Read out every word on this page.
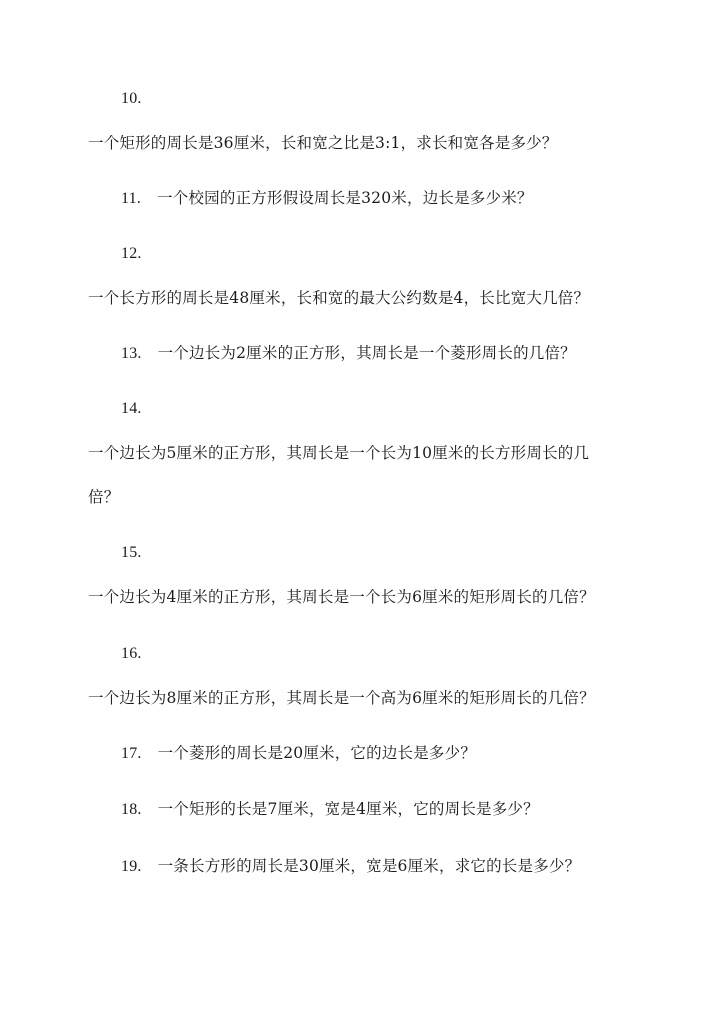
10.
一个矩形的周长是36厘米，长和宽之比是3:1，求长和宽各是多少？
11. 一个校园的正方形假设周长是320米，边长是多少米？
12.
一个长方形的周长是48厘米，长和宽的最大公约数是4，长比宽大几倍？
13. 一个边长为2厘米的正方形，其周长是一个菱形周长的几倍？
14.
一个边长为5厘米的正方形，其周长是一个长为10厘米的长方形周长的几
倍？
15.
一个边长为4厘米的正方形，其周长是一个长为6厘米的矩形周长的几倍？
16.
一个边长为8厘米的正方形，其周长是一个高为6厘米的矩形周长的几倍？
17. 一个菱形的周长是20厘米，它的边长是多少？
18. 一个矩形的长是7厘米，宽是4厘米，它的周长是多少？
19. 一条长方形的周长是30厘米，宽是6厘米，求它的长是多少？
